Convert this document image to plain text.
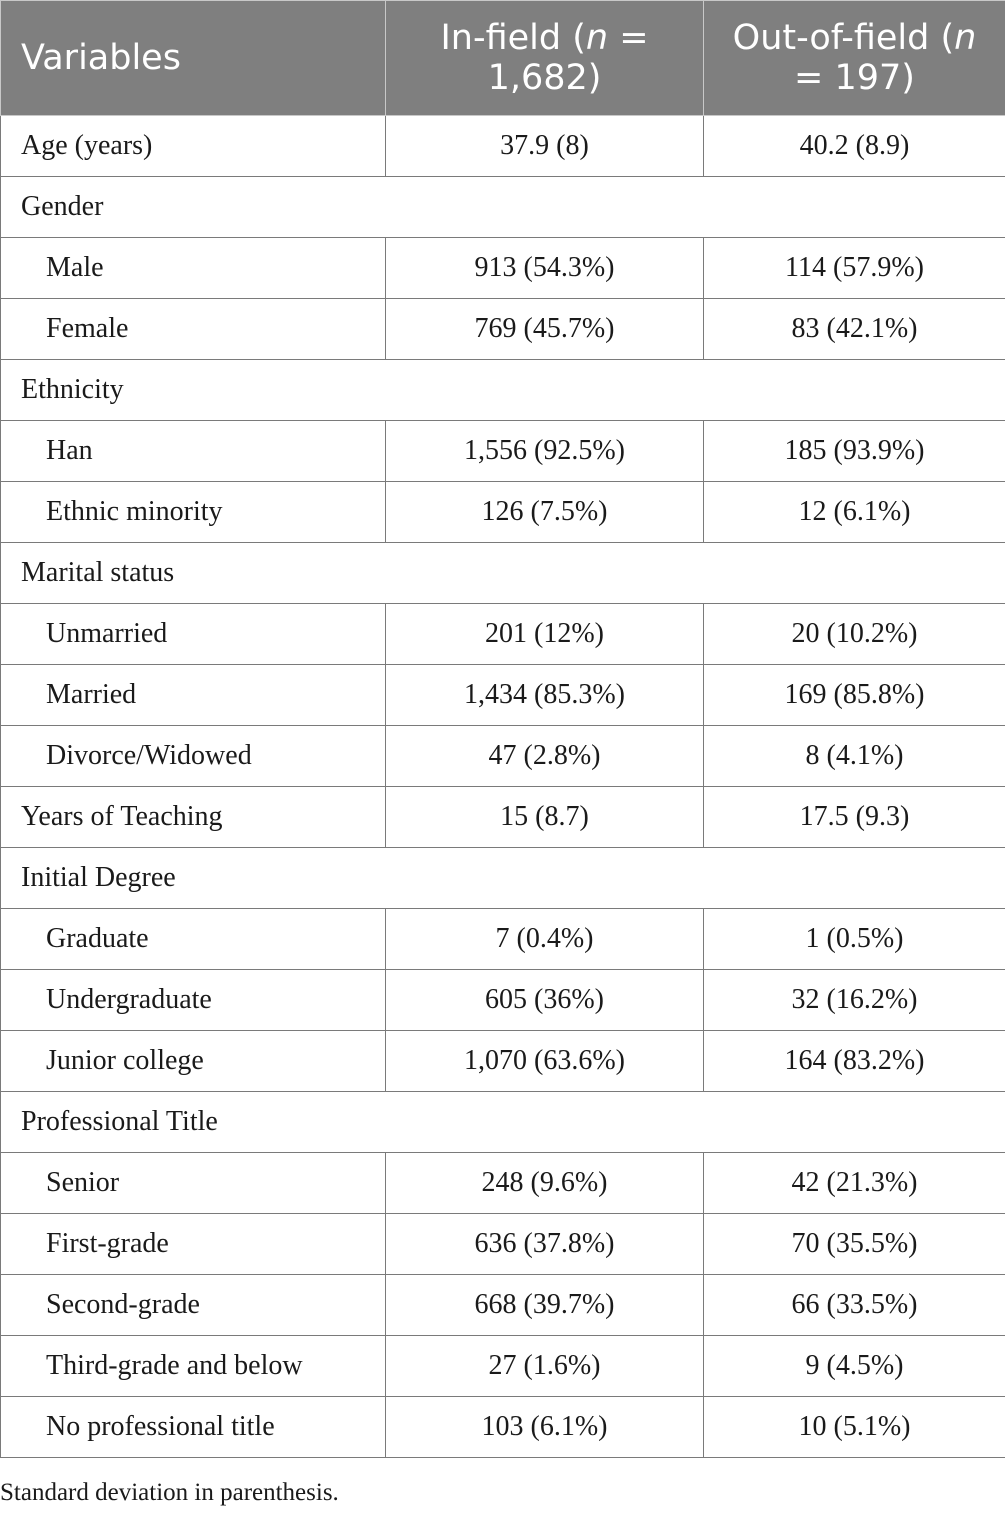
Variables	In-field (n = 1,682)	Out-of-field (n = 197)
Age (years)	37.9 (8)	40.2 (8.9)
Gender		
Male	913 (54.3%)	114 (57.9%)
Female	769 (45.7%)	83 (42.1%)
Ethnicity		
Han	1,556 (92.5%)	185 (93.9%)
Ethnic minority	126 (7.5%)	12 (6.1%)
Marital status		
Unmarried	201 (12%)	20 (10.2%)
Married	1,434 (85.3%)	169 (85.8%)
Divorce/Widowed	47 (2.8%)	8 (4.1%)
Years of Teaching	15 (8.7)	17.5 (9.3)
Initial Degree		
Graduate	7 (0.4%)	1 (0.5%)
Undergraduate	605 (36%)	32 (16.2%)
Junior college	1,070 (63.6%)	164 (83.2%)
Professional Title		
Senior	248 (9.6%)	42 (21.3%)
First-grade	636 (37.8%)	70 (35.5%)
Second-grade	668 (39.7%)	66 (33.5%)
Third-grade and below	27 (1.6%)	9 (4.5%)
No professional title	103 (6.1%)	10 (5.1%)
Standard deviation in parenthesis.
